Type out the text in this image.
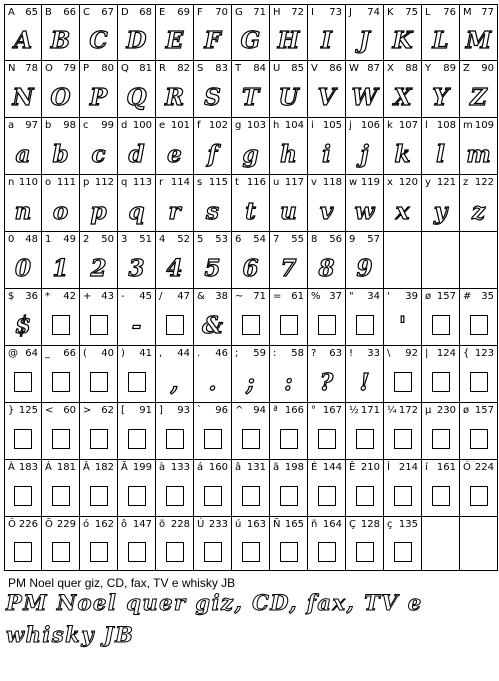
A 65
A
B 66
B
C 67
C
D 68
D
E 69
E
F 70
F
G 71
G
H 72
H
I 73
I
J 74
J
K 75
K
L 76
L
M 77
M
N 78
N
O 79
O
P 80
P
Q 81
Q
R 82
R
S 83
S
T 84
T
U 85
U
V 86
V
W 87
W
X 88
X
Y 89
Y
Z 90
Z
a 97
a
b 98
b
c 99
c
d 100
d
e 101
e
f 102
f
g 103
g
h 104
h
i 105
i
j 106
j
k 107
k
l 108
l
m 109
m
n 110
n
o 111
o
p 112
p
q 113
q
r 114
r
s 115
s
t 116
t
u 117
u
v 118
v
w 119
w
x 120
x
y 121
y
z 122
z
0 48
0
1 49
1
2 50
2
3 51
3
4 52
4
5 53
5
6 54
6
7 55
7
8 56
8
9 57
9
$ 36
$
* 42 + 43 - 45
-
/ 47 & 38
&
~ 71 = 61 % 37 " 34 ' 39
'
ø 157 # 35
@ 64 _ 66 ( 40 ) 41 , 44
,
. 46
.
; 59
;
: 58
:
? 63
?
! 33
!
\ 92 | 124 { 123
} 125 < 60 > 62 [ 91 ] 93 ` 96 ^ 94 ª 166 ° 167 ½ 171 ¼ 172 µ 230 ø 157
À 183 Á 181 Â 182 Ã 199 à 133 á 160 â 131 ã 198 É 144 Ê 210 Í 214 í 161 Ó 224
Ô 226 Õ 229 ó 162 ô 147 õ 228 Ú 233 ú 163 Ñ 165 ñ 164 Ç 128 ç 135
PM Noel quer giz, CD, fax, TV e whisky JB
PM Noel quer giz, CD, fax, TV e
whisky JB
